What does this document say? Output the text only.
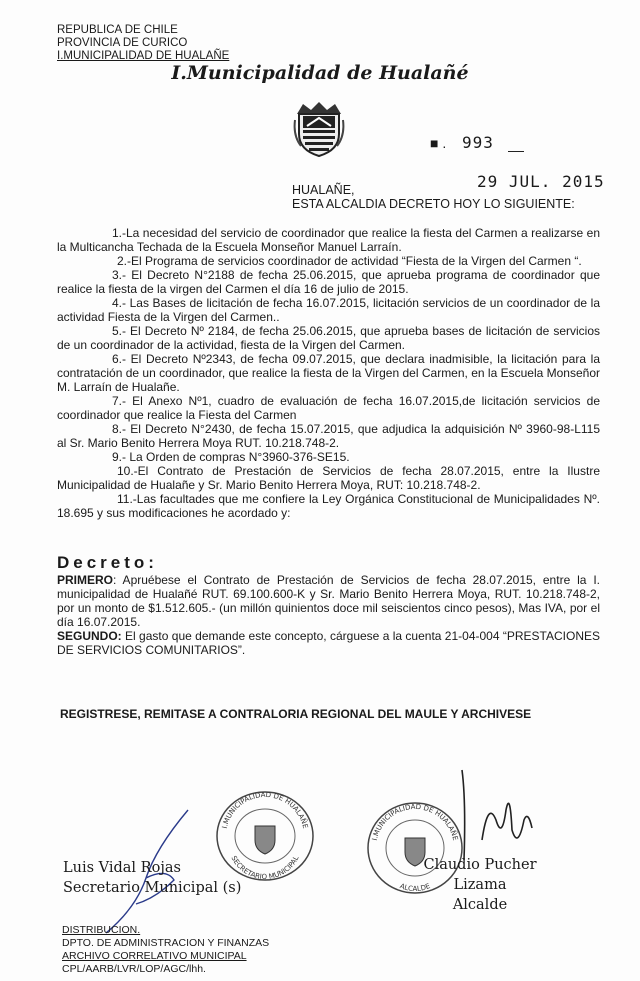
REPUBLICA DE CHILE
PROVINCIA DE CURICO
I.MUNICIPALIDAD DE HUALAÑE
I.Municipalidad de Hualañé
■ . 993
29 JUL. 2015
HUALAÑE,
ESTA ALCALDIA DECRETO HOY LO SIGUIENTE:

1.-La necesidad del servicio de coordinador que realice la fiesta del Carmen a realizarse en la Multicancha Techada de la Escuela Monseñor Manuel Larraín.

2.-El Programa de servicios coordinador de actividad “Fiesta de la Virgen del Carmen “.

3.- El Decreto N°2188 de fecha 25.06.2015, que aprueba programa de coordinador que realice la fiesta de la virgen del Carmen el día 16 de julio de 2015.

4.- Las Bases de licitación de fecha 16.07.2015, licitación servicios de un coordinador de la actividad Fiesta de la Virgen del Carmen..

5.- El Decreto Nº 2184, de fecha 25.06.2015, que aprueba bases de licitación de servicios de un coordinador de la actividad, fiesta de la Virgen del Carmen.

6.- El Decreto Nº2343, de fecha 09.07.2015, que declara inadmisible, la licitación para la contratación de un coordinador, que realice la fiesta de la Virgen del Carmen, en la Escuela Monseñor M. Larraín de Hualañe.

7.- El Anexo Nº1, cuadro de evaluación de fecha 16.07.2015,de licitación servicios de coordinador que realice la Fiesta del Carmen

8.- El Decreto N°2430, de fecha 15.07.2015, que adjudica la adquisición Nº 3960-98-L115 al Sr. Mario Benito Herrera Moya RUT. 10.218.748-2.

9.- La Orden de compras N°3960-376-SE15.

10.-El Contrato de Prestación de Servicios de fecha 28.07.2015, entre la Ilustre Municipalidad de Hualañe y Sr. Mario Benito Herrera Moya, RUT: 10.218.748-2.

11.-Las facultades que me confiere la Ley Orgánica Constitucional de Municipalidades Nº. 18.695 y sus modificaciones he acordado y:

Decreto:
PRIMERO: Apruébese el Contrato de Prestación de Servicios de fecha 28.07.2015, entre la I. municipalidad de Hualañé RUT. 69.100.600-K y Sr. Mario Benito Herrera Moya, RUT. 10.218.748-2, por un monto de $1.512.605.- (un millón quinientos doce mil seiscientos cinco pesos), Mas IVA, por el día 16.07.2015.
SEGUNDO: El gasto que demande este concepto, cárguese a la cuenta 21-04-004 “PRESTACIONES DE SERVICIOS COMUNITARIOS”.
REGISTRESE, REMITASE A CONTRALORIA REGIONAL DEL MAULE Y ARCHIVESE
I.MUNICIPALIDAD DE HUALAÑE
SECRETARIO MUNICIPAL
I.MUNICIPALIDAD DE HUALAÑE
ALCALDE
Luis Vidal Rojas
Secretario Municipal (s)
Claudio Pucher Lizama
Alcalde
DISTRIBUCION.
DPTO. DE ADMINISTRACION Y FINANZAS
ARCHIVO CORRELATIVO MUNICIPAL
CPL/AARB/LVR/LOP/AGC/lhh.
